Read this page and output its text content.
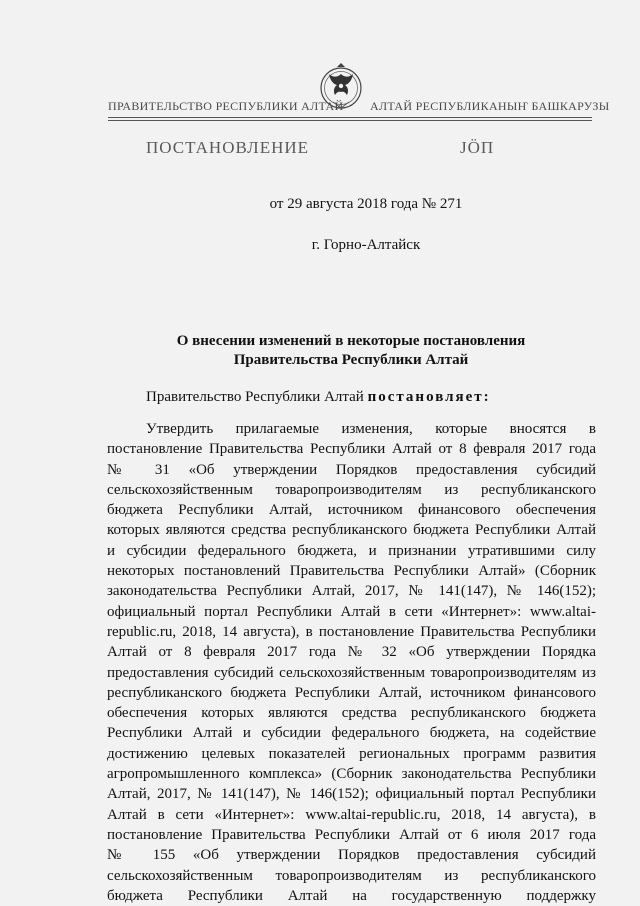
ПРАВИТЕЛЬСТВО РЕСПУБЛИКИ АЛТАЙ АЛТАЙ РЕСПУБЛИКАНЫҤ БАШКАРУЗЫ
ПОСТАНОВЛЕНИЕ	ЈӦП
от 29 августа 2018 года № 271
г. Горно-Алтайск
О внесении изменений в некоторые постановления
Правительства Республики Алтай
Правительство Республики Алтай постановляет:
Утвердить прилагаемые изменения, которые вносятся в
постановление Правительства Республики Алтай от 8 февраля 2017 года
№ 31 «Об утверждении Порядков предоставления субсидий
сельскохозяйственным товаропроизводителям из республиканского
бюджета Республики Алтай, источником финансового обеспечения
которых являются средства республиканского бюджета Республики Алтай
и субсидии федерального бюджета, и признании утратившими силу
некоторых постановлений Правительства Республики Алтай» (Сборник
законодательства Республики Алтай, 2017, № 141(147), № 146(152);
официальный портал Республики Алтай в сети «Интернет»: www.altai-
republic.ru, 2018, 14 августа), в постановление Правительства Республики
Алтай от 8 февраля 2017 года № 32 «Об утверждении Порядка
предоставления субсидий сельскохозяйственным товаропроизводителям из
республиканского бюджета Республики Алтай, источником финансового
обеспечения которых являются средства республиканского бюджета
Республики Алтай и субсидии федерального бюджета, на содействие
достижению целевых показателей региональных программ развития
агропромышленного комплекса» (Сборник законодательства Республики
Алтай, 2017, № 141(147), № 146(152); официальный портал Республики
Алтай в сети «Интернет»: www.altai-republic.ru, 2018, 14 августа), в
постановление Правительства Республики Алтай от 6 июля 2017 года
№ 155 «Об утверждении Порядков предоставления субсидий
сельскохозяйственным товаропроизводителям из республиканского
бюджета Республики Алтай на государственную поддержку
